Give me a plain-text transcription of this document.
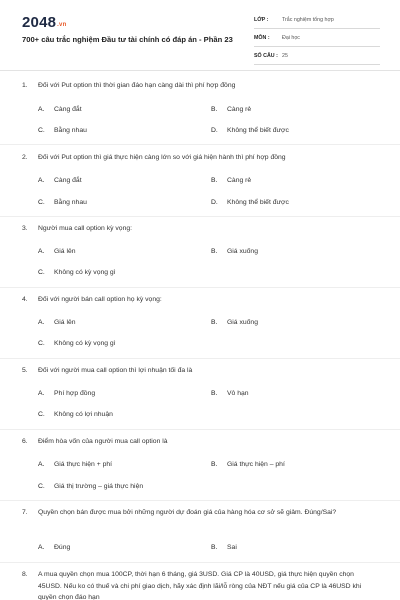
2048.vn
700+ câu trắc nghiệm Đầu tư tài chính có đáp án - Phần 23
LỚP :	Trắc nghiệm tổng hợp
MÔN :	Đại học
SỐ CÂU : 25
1. Đối với Put option thì thời gian đáo hạn càng dài thì phí hợp đồng
A. Càng đắt	B. Càng rẻ
C. Bằng nhau	D. Không thể biết được
2. Đối với Put option thì giá thực hiện càng lớn so với giá hiện hành thì phí hợp đồng
A. Càng đắt	B. Càng rẻ
C. Bằng nhau	D. Không thể biết được
3. Người mua call option kỳ vọng:
A. Giá lên	B. Giá xuống
C. Không có kỳ vọng gì
4. Đối với người bán call option họ kỳ vọng:
A. Giá lên	B. Giá xuống
C. Không có kỳ vọng gì
5. Đối với người mua call option thì lợi nhuận tối đa là
A. Phí hợp đồng	B. Vô hạn
C. Không có lợi nhuận
6. Điểm hòa vốn của người mua call option là
A. Giá thực hiện + phí	B. Giá thực hiện – phí
C. Giá thị trường – giá thực hiện
7. Quyền chọn bán được mua bởi những người dự đoán giá của hàng hóa cơ sở sẽ giảm. Đúng/Sai?
A. Đúng	B. Sai
8. A mua quyền chọn mua 100CP, thời hạn 6 tháng, giá 3USD. Giá CP là 40USD, giá thực hiện quyền chọn 45USD. Nếu ko có thuế và chi phí giao dịch, hãy xác định lãi/lỗ ròng của NĐT nếu giá của CP là 46USD khi quyền chọn đáo hạn
